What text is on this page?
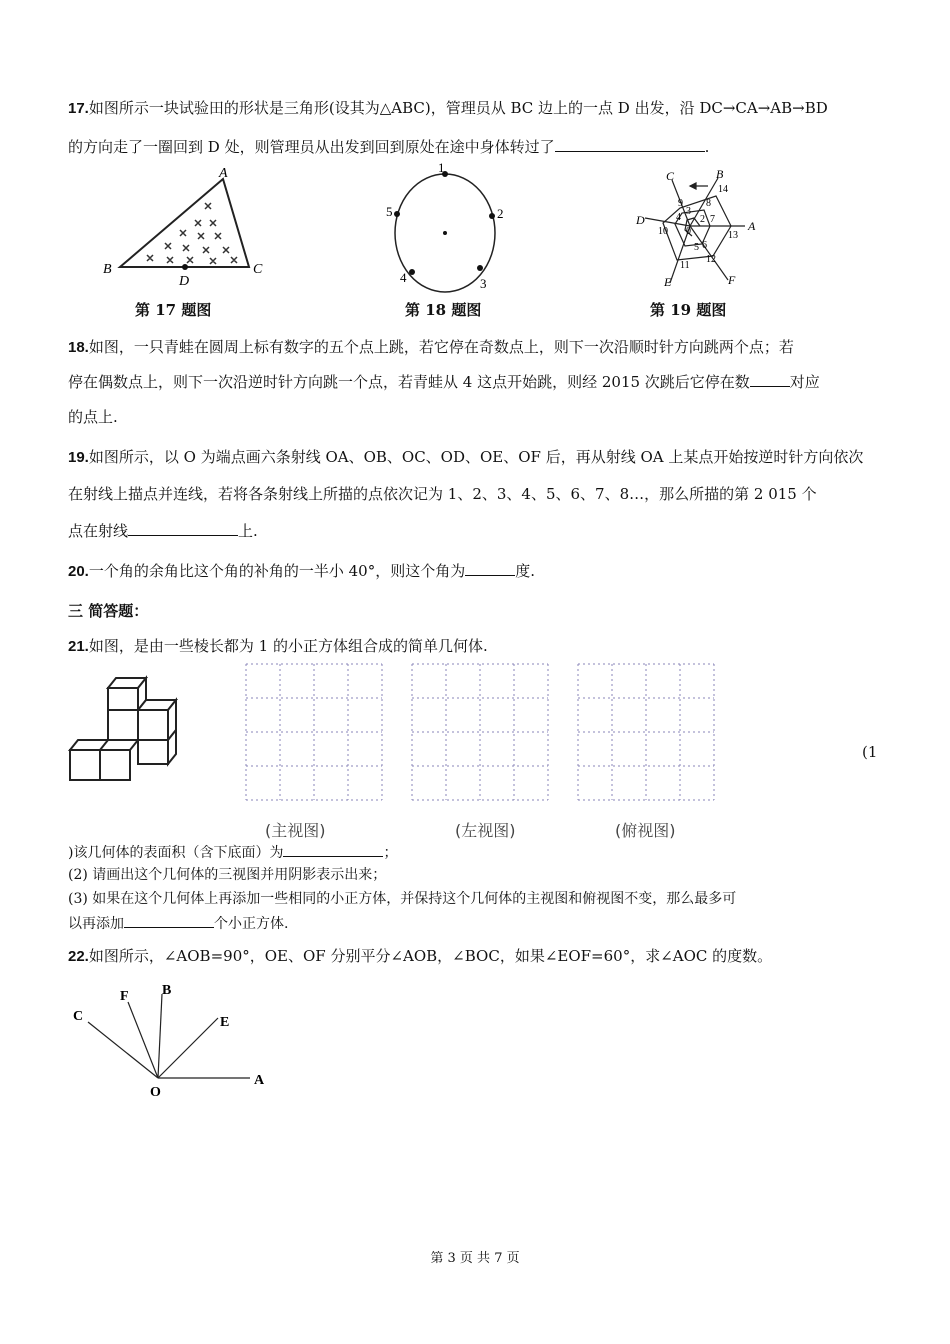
17.如图所示一块试验田的形状是三角形(设其为△ABC)，管理员从 BC 边上的一点 D 出发，沿 DC→CA→AB→BD
的方向走了一圈回到 D 处，则管理员从出发到回到原处在途中身体转过了	.
A
B	C
D
第 17 题图
1
2
3
4
5
第 18 题图
A
B
C
D
E	F
9
14
8
4
3
7
2
10 0	13
5 6
11
12
第 19 题图
18.如图，一只青蛙在圆周上标有数字的五个点上跳，若它停在奇数点上，则下一次沿顺时针方向跳两个点；若
停在偶数点上，则下一次沿逆时针方向跳一个点，若青蛙从 4 这点开始跳，则经 2015 次跳后它停在数	对应
的点上.
19.如图所示，以 O 为端点画六条射线 OA、OB、OC、OD、OE、OF 后，再从射线 OA 上某点开始按逆时针方向依次
在射线上描点并连线，若将各条射线上所描的点依次记为 1、2、3、4、5、6、7、8…，那么所描的第 2 015 个
点在射线	上.
20.一个角的余角比这个角的补角的一半小 40°，则这个角为	度.
三 简答题：
21.如图，是由一些棱长都为 1 的小正方体组合成的简单几何体.
(主视图)	(左视图)	(俯视图)
(1
)该几何体的表面积（含下底面）为	；
(2) 请画出这个几何体的三视图并用阴影表示出来；
(3) 如果在这个几何体上再添加一些相同的小正方体，并保持这个几何体的主视图和俯视图不变，那么最多可
以再添加	个小正方体.
22.如图所示，∠AOB=90°，OE、OF 分别平分∠AOB，∠BOC，如果∠EOF=60°，求∠AOC 的度数。
O
A
B
C	E
F
第 3 页 共 7 页
